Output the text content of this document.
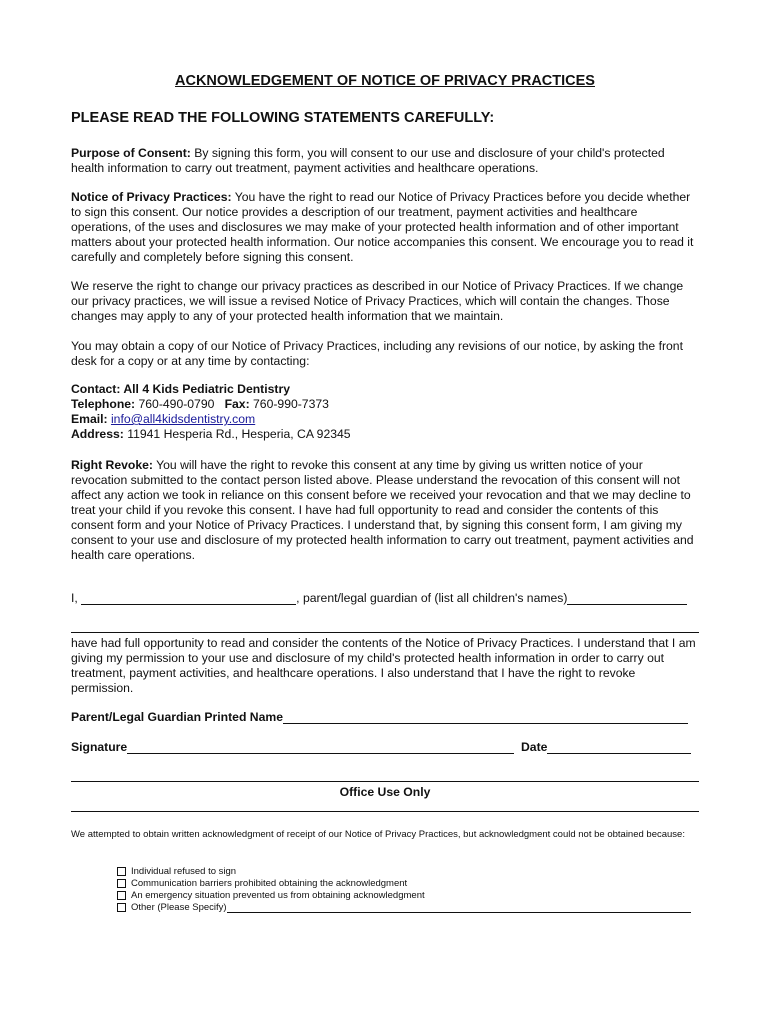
ACKNOWLEDGEMENT OF NOTICE OF PRIVACY PRACTICES
PLEASE READ THE FOLLOWING STATEMENTS CAREFULLY:
Purpose of Consent: By signing this form, you will consent to our use and disclosure of your child's protected health information to carry out treatment, payment activities and healthcare operations.
Notice of Privacy Practices: You have the right to read our Notice of Privacy Practices before you decide whether to sign this consent. Our notice provides a description of our treatment, payment activities and healthcare operations, of the uses and disclosures we may make of your protected health information and of other important matters about your protected health information. Our notice accompanies this consent. We encourage you to read it carefully and completely before signing this consent.
We reserve the right to change our privacy practices as described in our Notice of Privacy Practices. If we change our privacy practices, we will issue a revised Notice of Privacy Practices, which will contain the changes. Those changes may apply to any of your protected health information that we maintain.
You may obtain a copy of our Notice of Privacy Practices, including any revisions of our notice, by asking the front desk for a copy or at any time by contacting:
Contact: All 4 Kids Pediatric Dentistry
Telephone: 760-490-0790 Fax: 760-990-7373
Email: info@all4kidsdentistry.com
Address: 11941 Hesperia Rd., Hesperia, CA 92345
Right Revoke: You will have the right to revoke this consent at any time by giving us written notice of your revocation submitted to the contact person listed above. Please understand the revocation of this consent will not affect any action we took in reliance on this consent before we received your revocation and that we may decline to treat your child if you revoke this consent. I have had full opportunity to read and consider the contents of this consent form and your Notice of Privacy Practices. I understand that, by signing this consent form, I am giving my consent to your use and disclosure of my protected health information to carry out treatment, payment activities and health care operations.
I,	, parent/legal guardian of (list all children's names)
have had full opportunity to read and consider the contents of the Notice of Privacy Practices. I understand that I am giving my permission to your use and disclosure of my child's protected health information in order to carry out treatment, payment activities, and healthcare operations. I also understand that I have the right to revoke permission.
Parent/Legal Guardian Printed Name
Signature	Date
Office Use Only
We attempted to obtain written acknowledgment of receipt of our Notice of Privacy Practices, but acknowledgment could not be obtained because:
Individual refused to sign
Communication barriers prohibited obtaining the acknowledgment
An emergency situation prevented us from obtaining acknowledgment
Other (Please Specify)
